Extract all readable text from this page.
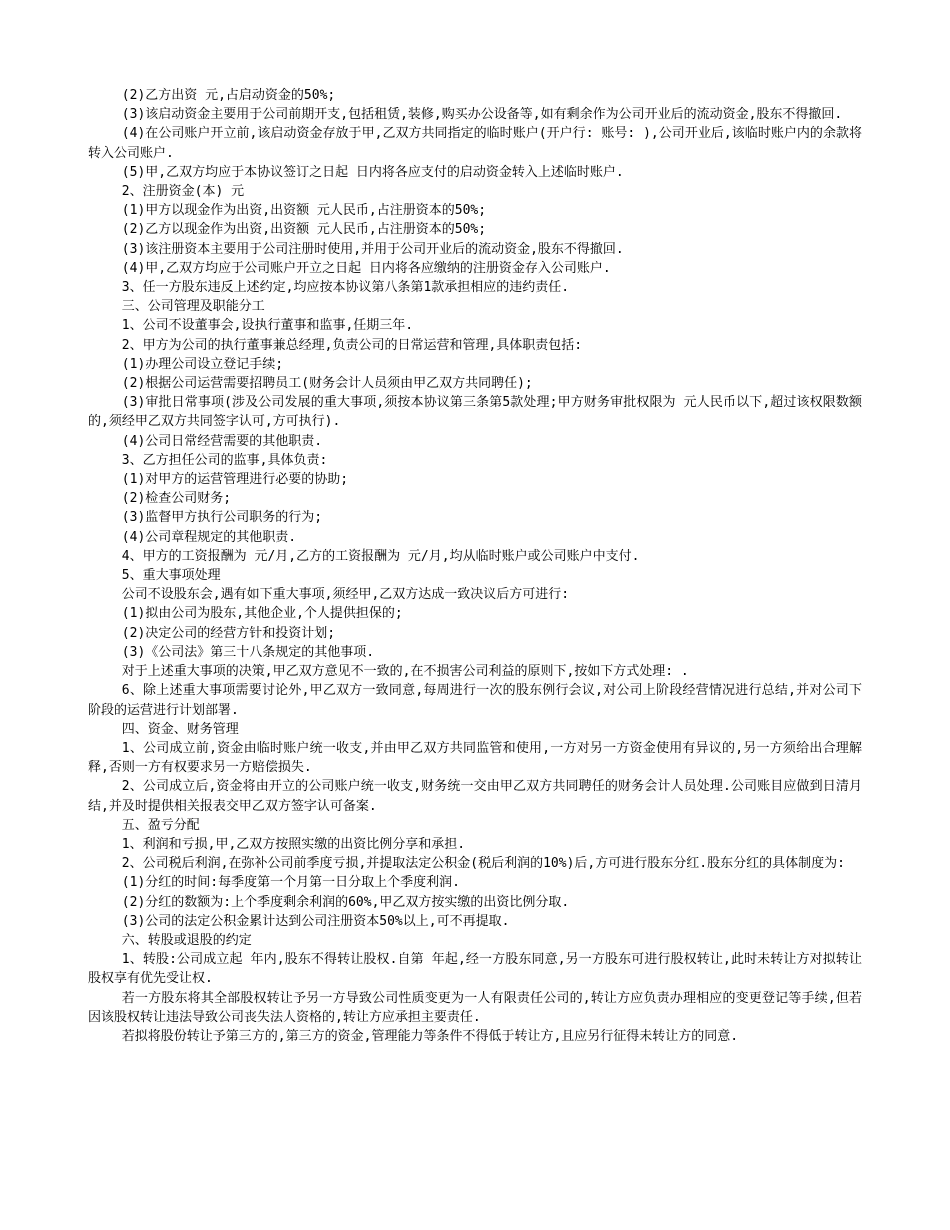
(2)乙方出资 元,占启动资金的50%;

(3)该启动资金主要用于公司前期开支,包括租赁,装修,购买办公设备等,如有剩余作为公司开业后的流动资金,股东不得撤回.

(4)在公司账户开立前,该启动资金存放于甲,乙双方共同指定的临时账户(开户行: 账号: ),公司开业后,该临时账户内的余款将转入公司账户.

(5)甲,乙双方均应于本协议签订之日起 日内将各应支付的启动资金转入上述临时账户.

2、注册资金(本) 元

(1)甲方以现金作为出资,出资额 元人民币,占注册资本的50%;

(2)乙方以现金作为出资,出资额 元人民币,占注册资本的50%;

(3)该注册资本主要用于公司注册时使用,并用于公司开业后的流动资金,股东不得撤回.

(4)甲,乙双方均应于公司账户开立之日起 日内将各应缴纳的注册资金存入公司账户.

3、任一方股东违反上述约定,均应按本协议第八条第1款承担相应的违约责任.

三、公司管理及职能分工

1、公司不设董事会,设执行董事和监事,任期三年.

2、甲方为公司的执行董事兼总经理,负责公司的日常运营和管理,具体职责包括:

(1)办理公司设立登记手续;

(2)根据公司运营需要招聘员工(财务会计人员须由甲乙双方共同聘任);

(3)审批日常事项(涉及公司发展的重大事项,须按本协议第三条第5款处理;甲方财务审批权限为 元人民币以下,超过该权限数额的,须经甲乙双方共同签字认可,方可执行).

(4)公司日常经营需要的其他职责.

3、乙方担任公司的监事,具体负责:

(1)对甲方的运营管理进行必要的协助;

(2)检查公司财务;

(3)监督甲方执行公司职务的行为;

(4)公司章程规定的其他职责.

4、甲方的工资报酬为 元/月,乙方的工资报酬为 元/月,均从临时账户或公司账户中支付.

5、重大事项处理

公司不设股东会,遇有如下重大事项,须经甲,乙双方达成一致决议后方可进行:

(1)拟由公司为股东,其他企业,个人提供担保的;

(2)决定公司的经营方针和投资计划;

(3)《公司法》第三十八条规定的其他事项.

对于上述重大事项的决策,甲乙双方意见不一致的,在不损害公司利益的原则下,按如下方式处理: .

6、除上述重大事项需要讨论外,甲乙双方一致同意,每周进行一次的股东例行会议,对公司上阶段经营情况进行总结,并对公司下阶段的运营进行计划部署.

四、资金、财务管理

1、公司成立前,资金由临时账户统一收支,并由甲乙双方共同监管和使用,一方对另一方资金使用有异议的,另一方须给出合理解释,否则一方有权要求另一方赔偿损失.

2、公司成立后,资金将由开立的公司账户统一收支,财务统一交由甲乙双方共同聘任的财务会计人员处理.公司账目应做到日清月结,并及时提供相关报表交甲乙双方签字认可备案.

五、盈亏分配

1、利润和亏损,甲,乙双方按照实缴的出资比例分享和承担.

2、公司税后利润,在弥补公司前季度亏损,并提取法定公积金(税后利润的10%)后,方可进行股东分红.股东分红的具体制度为:

(1)分红的时间:每季度第一个月第一日分取上个季度利润.

(2)分红的数额为:上个季度剩余利润的60%,甲乙双方按实缴的出资比例分取.

(3)公司的法定公积金累计达到公司注册资本50%以上,可不再提取.

六、转股或退股的约定

1、转股:公司成立起 年内,股东不得转让股权.自第 年起,经一方股东同意,另一方股东可进行股权转让,此时未转让方对拟转让股权享有优先受让权.

若一方股东将其全部股权转让予另一方导致公司性质变更为一人有限责任公司的,转让方应负责办理相应的变更登记等手续,但若因该股权转让违法导致公司丧失法人资格的,转让方应承担主要责任.

若拟将股份转让予第三方的,第三方的资金,管理能力等条件不得低于转让方,且应另行征得未转让方的同意.
